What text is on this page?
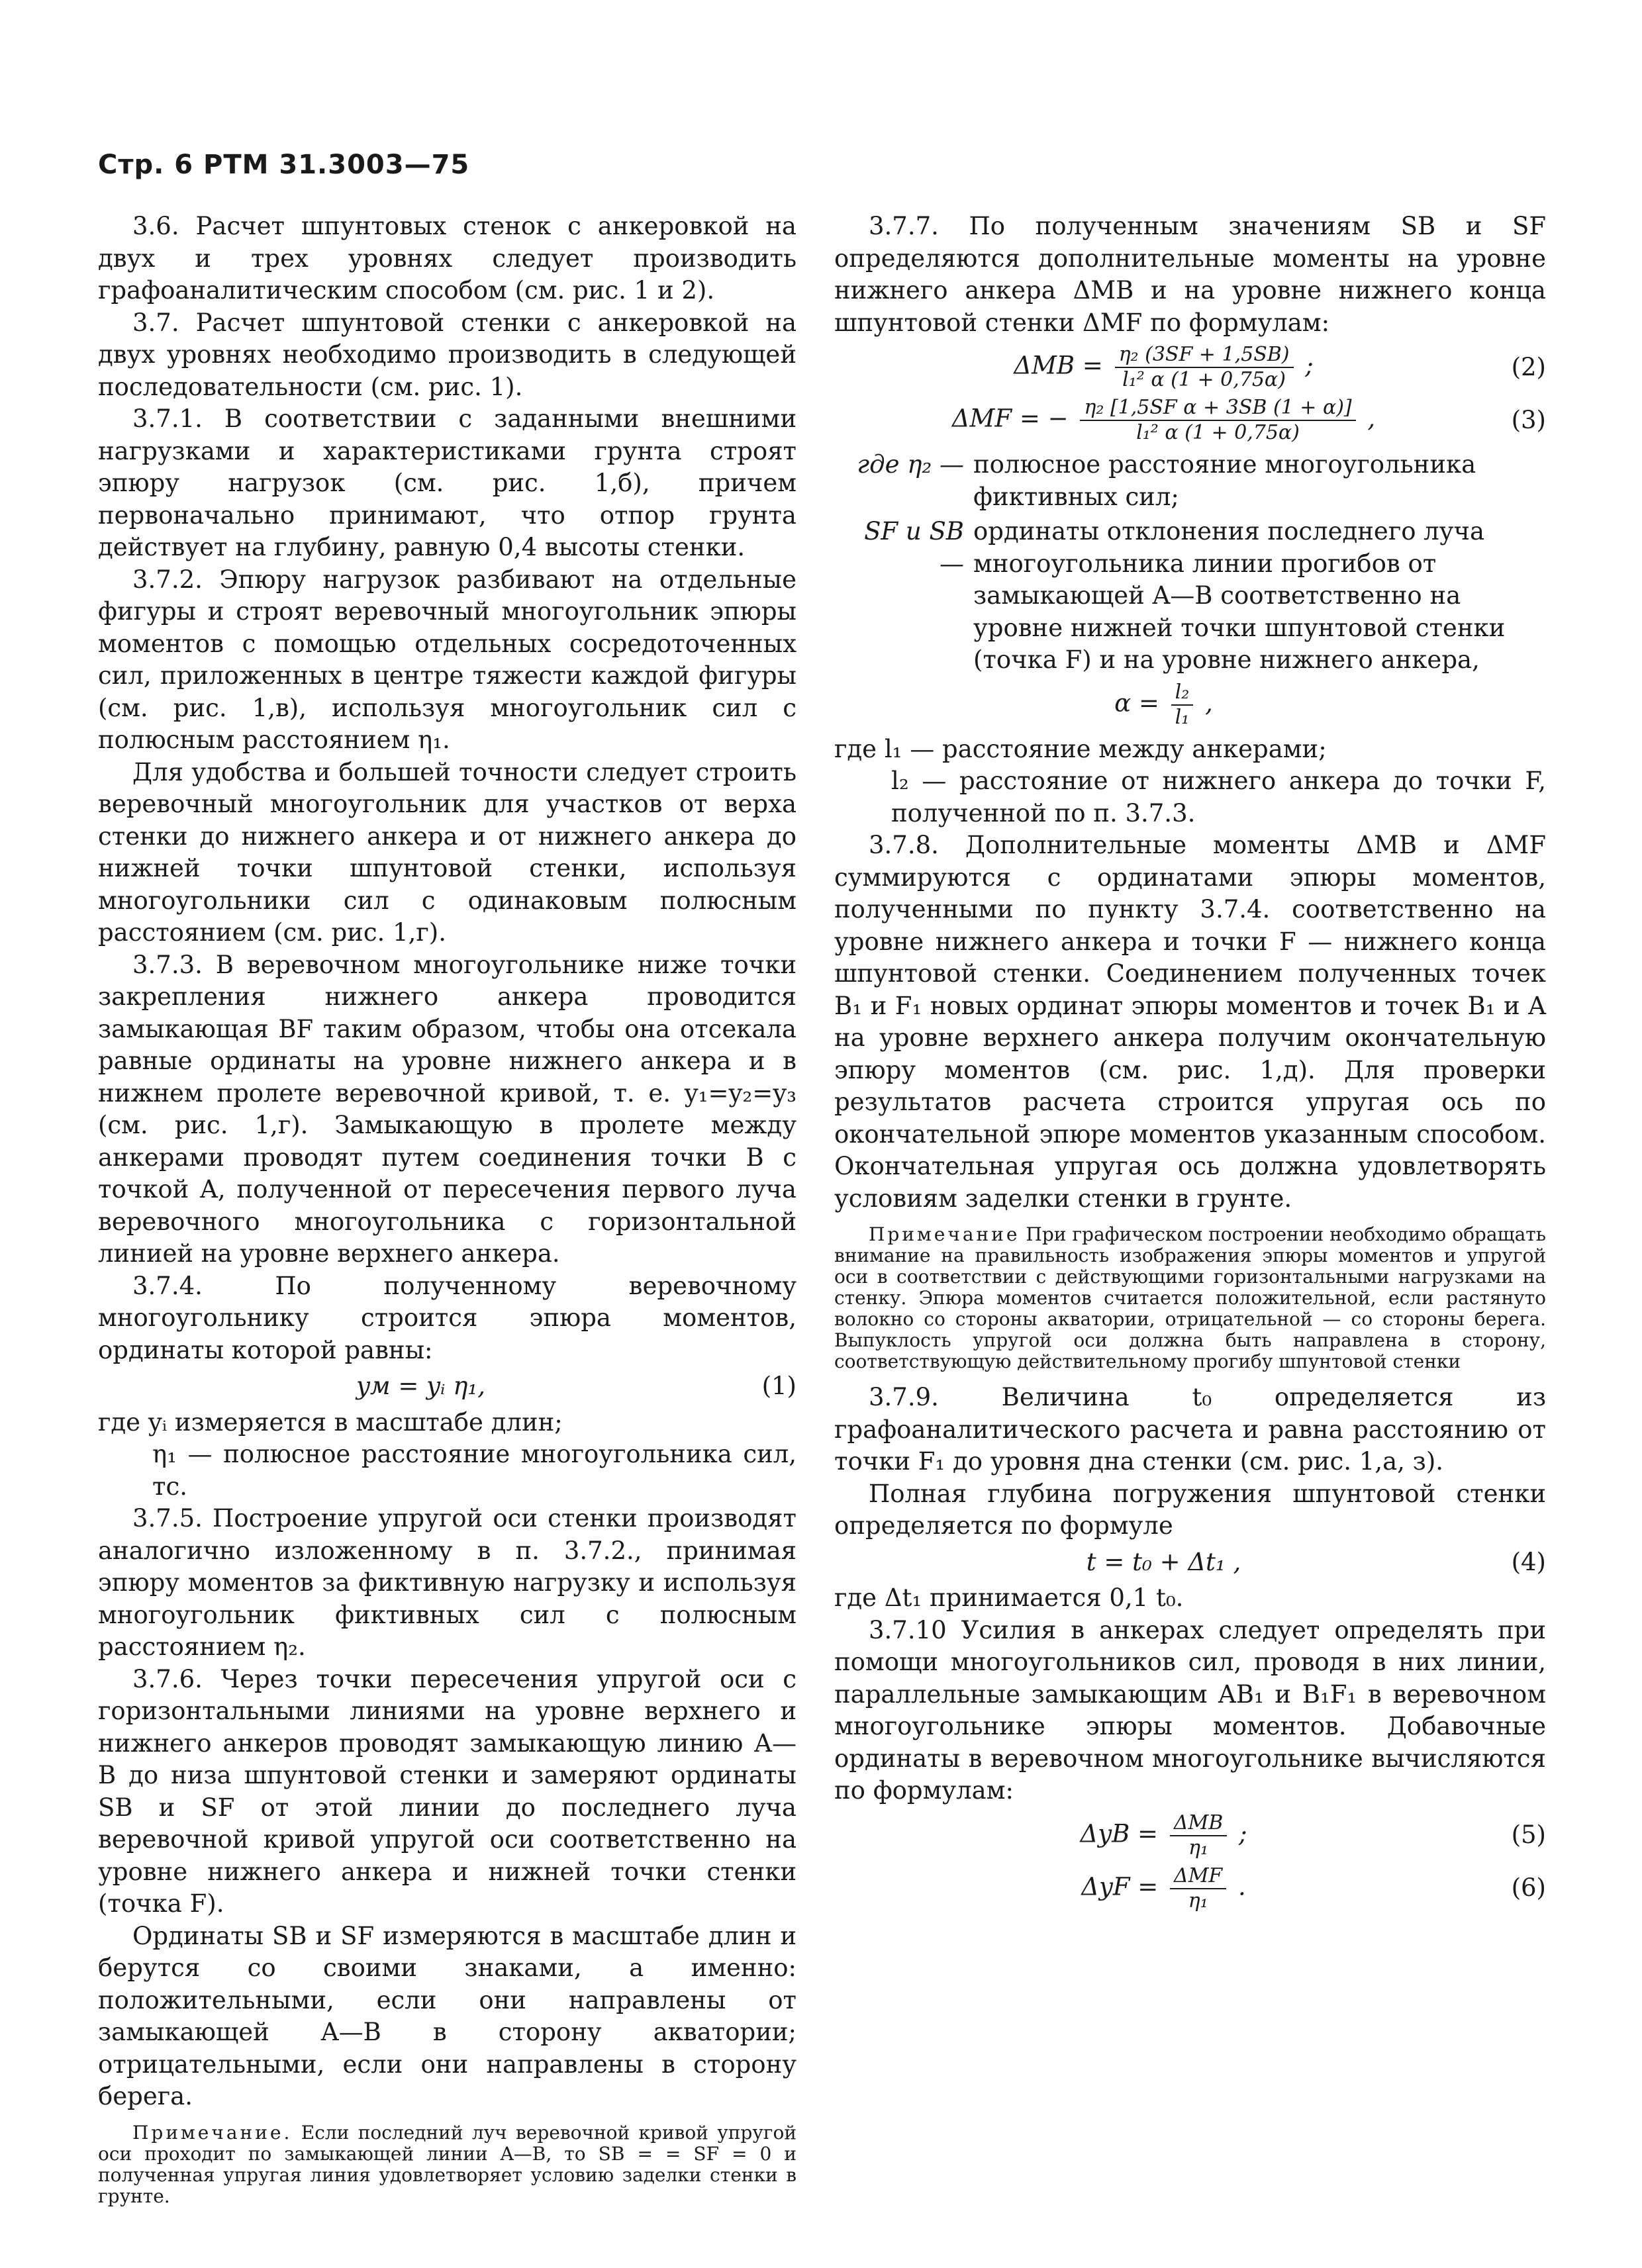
Стр. 6 РТМ 31.3003—75

3.6. Расчет шпунтовых стенок с анкеровкой на двух и трех уровнях следует производить графоаналитическим способом (см. рис. 1 и 2).

3.7. Расчет шпунтовой стенки с анкеровкой на двух уровнях необходимо производить в следующей последовательности (см. рис. 1).

3.7.1. В соответствии с заданными внешними нагрузками и характеристиками грунта строят эпюру нагрузок (см. рис. 1,б), причем первоначально принимают, что отпор грунта действует на глубину, равную 0,4 высоты стенки.

3.7.2. Эпюру нагрузок разбивают на отдельные фигуры и строят веревочный многоугольник эпюры моментов с помощью отдельных сосредоточенных сил, приложенных в центре тяжести каждой фигуры (см. рис. 1,в), используя многоугольник сил с полюсным расстоянием η₁.

Для удобства и большей точности следует строить веревочный многоугольник для участков от верха стенки до нижнего анкера и от нижнего анкера до нижней точки шпунтовой стенки, используя многоугольники сил с одинаковым полюсным расстоянием (см. рис. 1,г).

3.7.3. В веревочном многоугольнике ниже точки закрепления нижнего анкера проводится замыкающая BF таким образом, чтобы она отсекала равные ординаты на уровне нижнего анкера и в нижнем пролете веревочной кривой, т. е. y₁=y₂=y₃ (см. рис. 1,г). Замыкающую в пролете между анкерами проводят путем соединения точки B с точкой A, полученной от пересечения первого луча веревочного многоугольника с горизонтальной линией на уровне верхнего анкера.

3.7.4. По полученному веревочному многоугольнику строится эпюра моментов, ординаты которой равны:

yм = yᵢ η₁,	(1)

где yᵢ измеряется в масштабе длин;

η₁ — полюсное расстояние многоугольника сил, тс.

3.7.5. Построение упругой оси стенки производят аналогично изложенному в п. 3.7.2., принимая эпюру моментов за фиктивную нагрузку и используя многоугольник фиктивных сил с полюсным расстоянием η₂.

3.7.6. Через точки пересечения упругой оси с горизонтальными линиями на уровне верхнего и нижнего анкеров проводят замыкающую линию A—B до низа шпунтовой стенки и замеряют ординаты SB и SF от этой линии до последнего луча веревочной кривой упругой оси соответственно на уровне нижнего анкера и нижней точки стенки (точка F).

Ординаты SB и SF измеряются в масштабе длин и берутся со своими знаками, а именно: положительными, если они направлены от замыкающей A—B в сторону акватории; отрицательными, если они направлены в сторону берега.

Примечание. Если последний луч веревочной кривой упругой оси проходит по замыкающей линии A—B, то SB = = SF = 0 и полученная упругая линия удовлетворяет условию заделки стенки в грунте.

3.7.7. По полученным значениям SB и SF определяются дополнительные моменты на уровне нижнего анкера ΔMB и на уровне нижнего конца шпунтовой стенки ΔMF по формулам:

$\Delta MB = \frac{\text{η₂ (3SF + 1,5SB)}}{\text{l₁² α (1 + 0,75α)}}$ ;	(2)
ΔMF = − $\frac{\text{η₂ [1,5SF α + 3SB (1 + α)]}}{\text{l₁² α (1 + 0,75α)}}$ ,	(3)
где η₂ — полюсное расстояние многоугольника фиктивных сил;
SF и SB —
ординаты отклонения последнего луча многоугольника линии прогибов от замыкающей A—B соответственно на уровне нижней точки шпунтовой стенки (точка F) и на уровне нижнего анкера,
$\alpha = \frac{\text{l₂}}{\text{l₁}}$ ,

где l₁ — расстояние между анкерами;

l₂ — расстояние от нижнего анкера до точки F, полученной по п. 3.7.3.

3.7.8. Дополнительные моменты ΔMB и ΔMF суммируются с ординатами эпюры моментов, полученными по пункту 3.7.4. соответственно на уровне нижнего анкера и точки F — нижнего конца шпунтовой стенки. Соединением полученных точек B₁ и F₁ новых ординат эпюры моментов и точек B₁ и A на уровне верхнего анкера получим окончательную эпюру моментов (см. рис. 1,д). Для проверки результатов расчета строится упругая ось по окончательной эпюре моментов указанным способом. Окончательная упругая ось должна удовлетворять условиям заделки стенки в грунте.

Примечание При графическом построении необходимо обращать внимание на правильность изображения эпюры моментов и упругой оси в соответствии с действующими горизонтальными нагрузками на стенку. Эпюра моментов считается положительной, если растянуто волокно со стороны акватории, отрицательной — со стороны берега. Выпуклость упругой оси должна быть направлена в сторону, соответствующую действительному прогибу шпунтовой стенки

3.7.9. Величина t₀ определяется из графоаналитического расчета и равна расстоянию от точки F₁ до уровня дна стенки (см. рис. 1,а, з).

Полная глубина погружения шпунтовой стенки определяется по формуле

t = t₀ + Δt₁ ,	(4)

где Δt₁ принимается 0,1 t₀.

3.7.10 Усилия в анкерах следует определять при помощи многоугольников сил, проводя в них линии, параллельные замыкающим AB₁ и B₁F₁ в веревочном многоугольнике эпюры моментов. Добавочные ординаты в веревочном многоугольнике вычисляются по формулам:

$\Delta yB = \frac{\text{ΔMB}}{\text{η₁}}$ ;	(5)
$\Delta yF = \frac{\text{ΔMF}}{\text{η₁}}$ .	(6)
